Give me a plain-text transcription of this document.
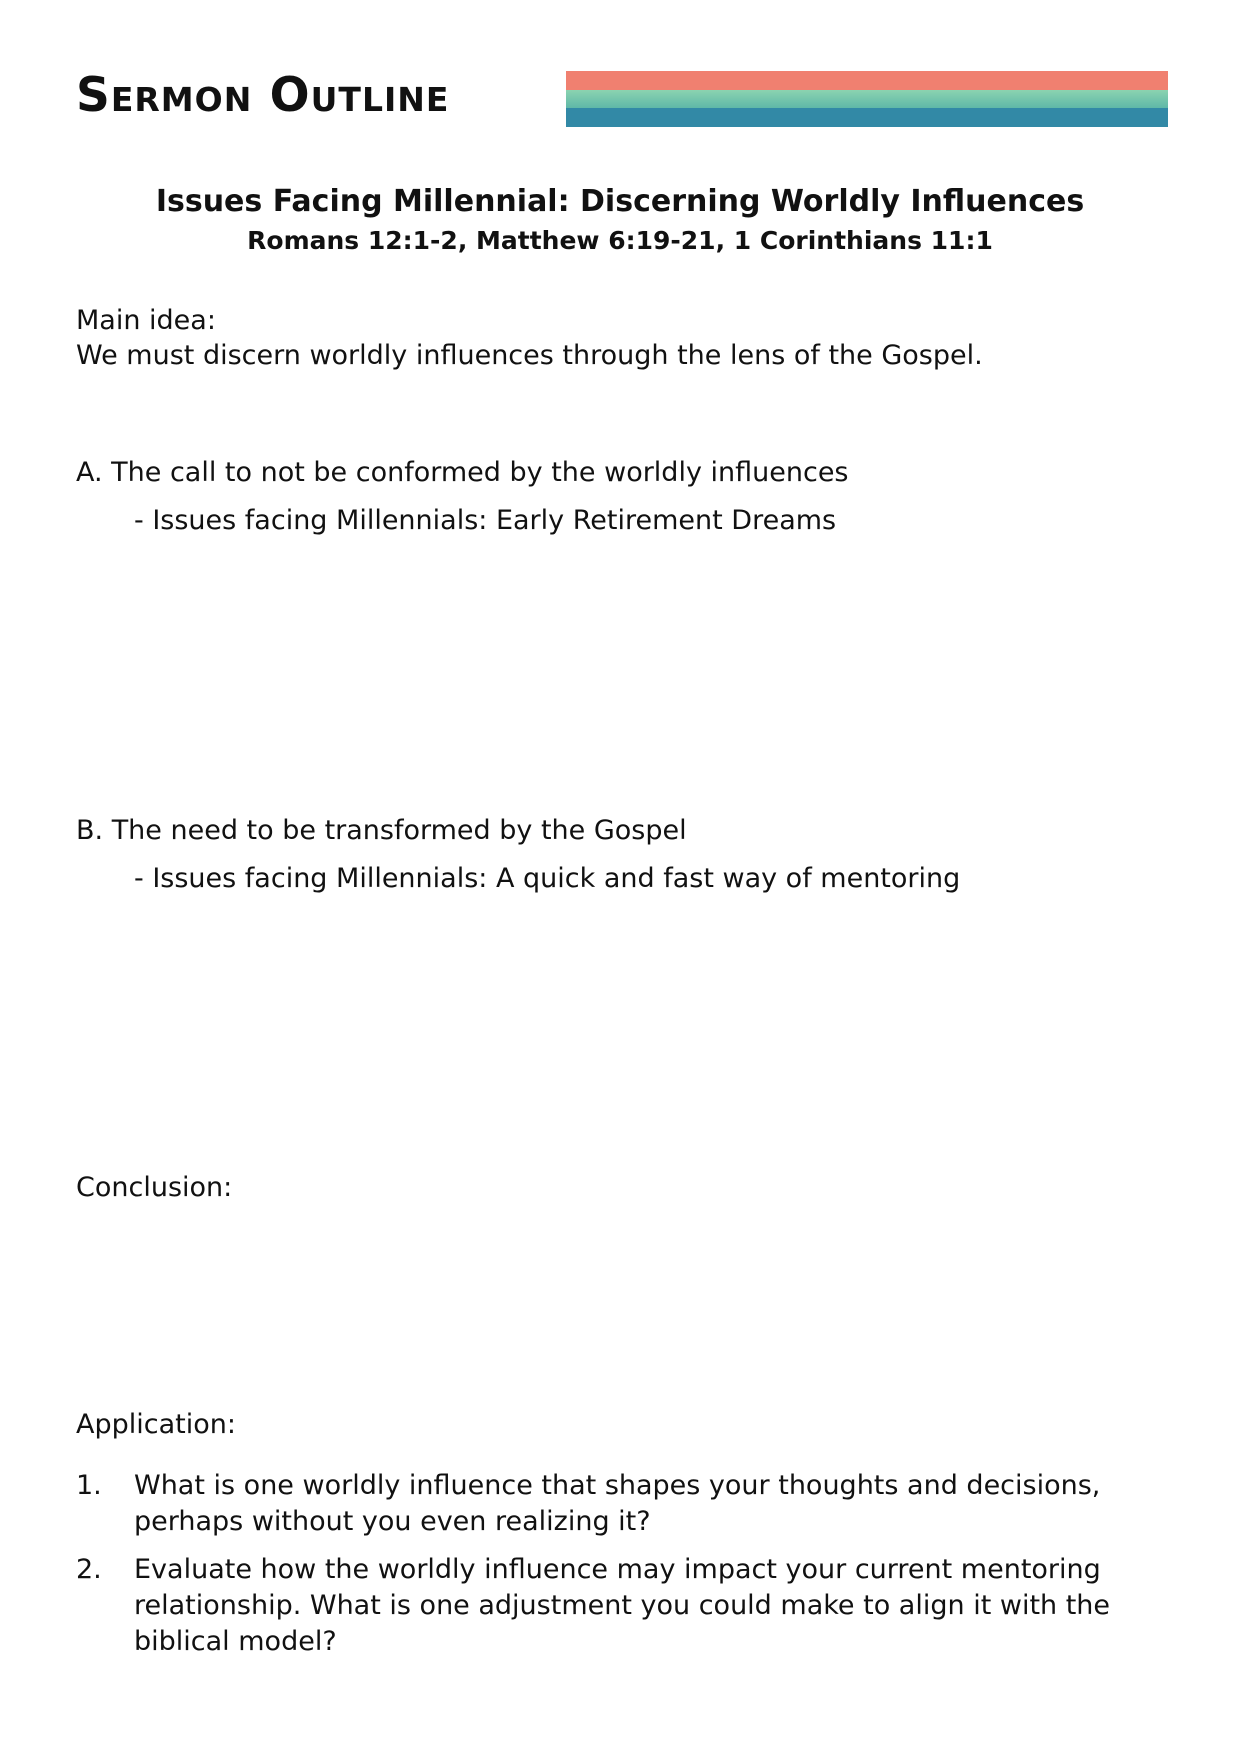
Sermon Outline

Issues Facing Millennial: Discerning Worldly Influences

Romans 12:1-2, Matthew 6:19-21, 1 Corinthians 11:1

Main idea:

We must discern worldly influences through the lens of the Gospel.

A. The call to not be conformed by the worldly influences

- Issues facing Millennials: Early Retirement Dreams

B. The need to be transformed by the Gospel

- Issues facing Millennials: A quick and fast way of mentoring

Conclusion:

Application:

1. What is one worldly influence that shapes your thoughts and decisions, perhaps without you even realizing it?
2. Evaluate how the worldly influence may impact your current mentoring relationship. What is one adjustment you could make to align it with the biblical model?
